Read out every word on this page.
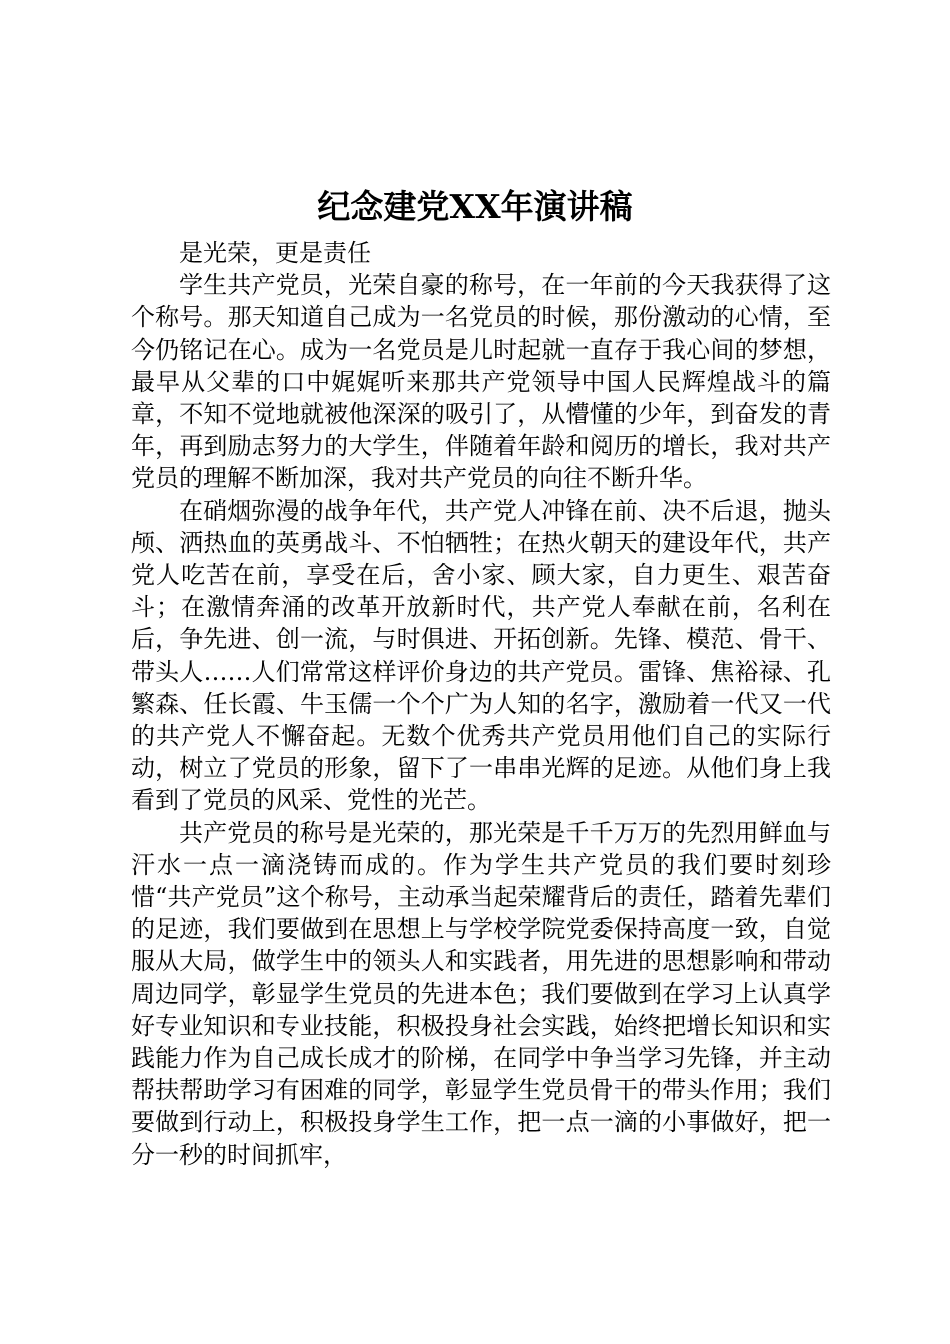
纪念建党XX年演讲稿

是光荣，更是责任

学生共产党员，光荣自豪的称号，在一年前的今天我获得了这个称号。那天知道自己成为一名党员的时候，那份激动的心情，至今仍铭记在心。成为一名党员是儿时起就一直存于我心间的梦想，最早从父辈的口中娓娓听来那共产党领导中国人民辉煌战斗的篇章，不知不觉地就被他深深的吸引了，从懵懂的少年，到奋发的青年，再到励志努力的大学生，伴随着年龄和阅历的增长，我对共产党员的理解不断加深，我对共产党员的向往不断升华。

在硝烟弥漫的战争年代，共产党人冲锋在前、决不后退，抛头颅、洒热血的英勇战斗、不怕牺牲；在热火朝天的建设年代，共产党人吃苦在前，享受在后，舍小家、顾大家，自力更生、艰苦奋斗；在激情奔涌的改革开放新时代，共产党人奉献在前，名利在后，争先进、创一流，与时俱进、开拓创新。先锋、模范、骨干、带头人……人们常常这样评价身边的共产党员。雷锋、焦裕禄、孔繁森、任长霞、牛玉儒一个个广为人知的名字，激励着一代又一代的共产党人不懈奋起。无数个优秀共产党员用他们自己的实际行动，树立了党员的形象，留下了一串串光辉的足迹。从他们身上我看到了党员的风采、党性的光芒。

共产党员的称号是光荣的，那光荣是千千万万的先烈用鲜血与汗水一点一滴浇铸而成的。作为学生共产党员的我们要时刻珍惜“共产党员”这个称号，主动承当起荣耀背后的责任，踏着先辈们的足迹，我们要做到在思想上与学校学院党委保持高度一致，自觉服从大局，做学生中的领头人和实践者，用先进的思想影响和带动周边同学，彰显学生党员的先进本色；我们要做到在学习上认真学好专业知识和专业技能，积极投身社会实践，始终把增长知识和实践能力作为自己成长成才的阶梯，在同学中争当学习先锋，并主动帮扶帮助学习有困难的同学，彰显学生党员骨干的带头作用；我们要做到行动上，积极投身学生工作，把一点一滴的小事做好，把一分一秒的时间抓牢，
